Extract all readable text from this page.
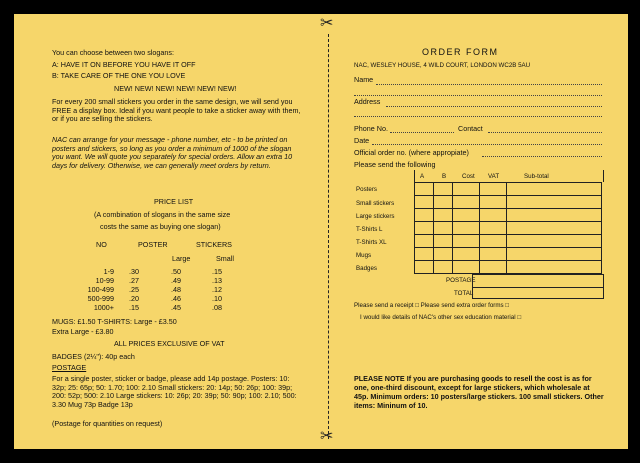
You can choose between two slogans:
A: HAVE IT ON BEFORE YOU HAVE IT OFF
B: TAKE CARE OF THE ONE YOU LOVE
NEW! NEW! NEW! NEW! NEW! NEW!
For every 200 small stickers you order in the same design, we will send you FREE a display box. Ideal if you want people to take a sticker away with them, or if you are selling the stickers.
NAC can arrange for your message - phone number, etc - to be printed on posters and stickers, so long as you order a minimum of 1000 of the slogan you want. We will quote you separately for special orders. Allow an extra 10 days for delivery. Otherwise, we can generally meet orders by return.
PRICE LIST
(A combination of slogans in the same size
costs the same as buying one slogan)
NO	POSTER	STICKERS
Large	Small
1-9 .30	.50	.15
10-99 .27	.49	.13
100-499 .25	.48	.12
500-999 .20	.46	.10
1000+ .15	.45	.08
MUGS: £1.50 T-SHIRTS: Large - £3.50
Extra Large - £3.80
ALL PRICES EXCLUSIVE OF VAT
BADGES (2¼"): 40p each
POSTAGE
For a single poster, sticker or badge, please add 14p postage. Posters: 10: 32p; 25: 65p; 50: 1.70; 100: 2.10 Small stickers: 20: 14p; 50: 26p; 100: 39p; 200: 52p; 500: 2.10 Large stickers: 10: 26p; 20: 39p; 50: 90p; 100: 2.10; 500: 3.30 Mug 73p Badge 13p
(Postage for quantities on request)
✂
✂
ORDER FORM
NAC, WESLEY HOUSE, 4 WILD COURT, LONDON WC2B 5AU
Name
Address
Phone No.	Contact
Date
Official order no. (where appropiate)
Please send the following
A	B	Cost VAT	Sub-total
Posters
Small stickers
Large stickers
T-Shirts L
T-Shirts XL
Mugs
Badges

POSTAGE
TOTAL
Please send a receipt □ Please send extra order forms □
I would like details of NAC's other sex education material □
PLEASE NOTE If you are purchasing goods to resell the cost is as for one, one-third discount, except for large stickers, which wholesale at 45p. Minimum orders: 10 posters/large stickers. 100 small stickers. Other items: Mininum of 10.
